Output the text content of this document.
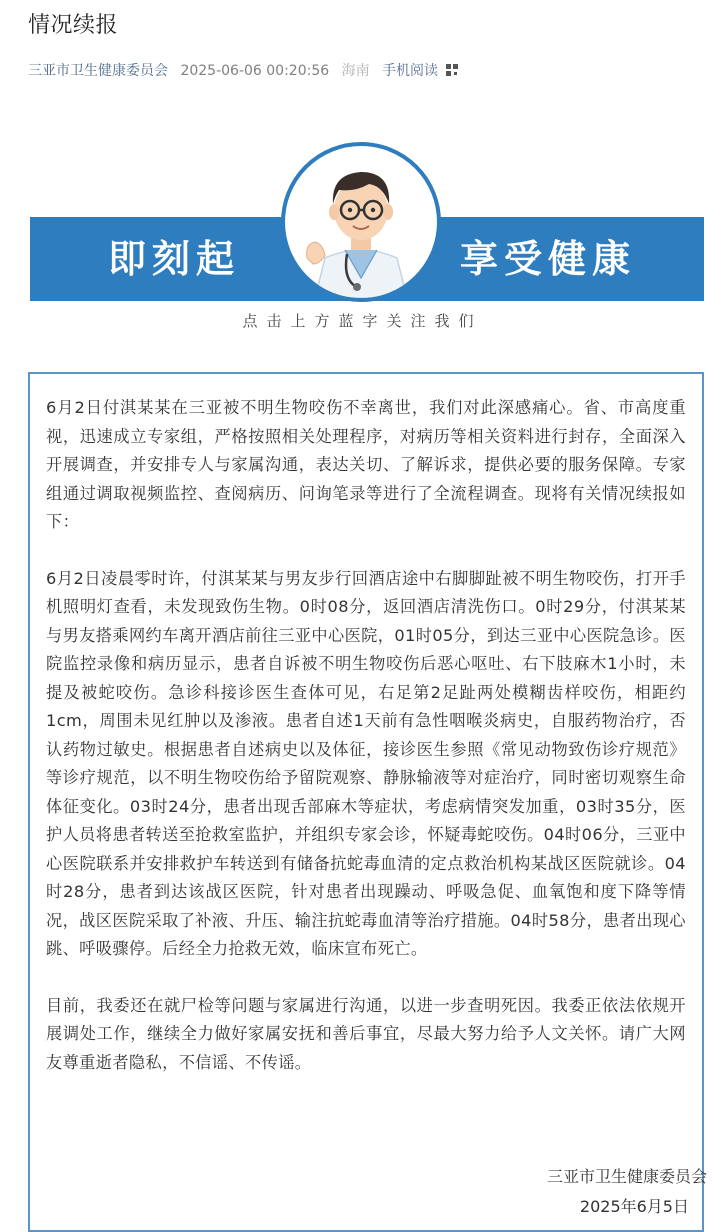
情况续报
三亚市卫生健康委员会 2025-06-06 00:20:56 海南 手机阅读
即刻起	享受健康
点击上方蓝字关注我们

6月2日付淇某某在三亚被不明生物咬伤不幸离世，我们对此深感痛心。省、市高度重视，迅速成立专家组，严格按照相关处理程序，对病历等相关资料进行封存，全面深入开展调查，并安排专人与家属沟通，表达关切、了解诉求，提供必要的服务保障。专家组通过调取视频监控、查阅病历、问询笔录等进行了全流程调查。现将有关情况续报如下：

6月2日凌晨零时许，付淇某某与男友步行回酒店途中右脚脚趾被不明生物咬伤，打开手机照明灯查看，未发现致伤生物。0时08分，返回酒店清洗伤口。0时29分，付淇某某与男友搭乘网约车离开酒店前往三亚中心医院，01时05分，到达三亚中心医院急诊。医院监控录像和病历显示，患者自诉被不明生物咬伤后恶心呕吐、右下肢麻木1小时，未提及被蛇咬伤。急诊科接诊医生查体可见，右足第2足趾两处模糊齿样咬伤，相距约1cm，周围未见红肿以及渗液。患者自述1天前有急性咽喉炎病史，自服药物治疗，否认药物过敏史。根据患者自述病史以及体征，接诊医生参照《常见动物致伤诊疗规范》等诊疗规范，以不明生物咬伤给予留院观察、静脉输液等对症治疗，同时密切观察生命体征变化。03时24分，患者出现舌部麻木等症状，考虑病情突发加重，03时35分，医护人员将患者转送至抢救室监护，并组织专家会诊，怀疑毒蛇咬伤。04时06分，三亚中心医院联系并安排救护车转送到有储备抗蛇毒血清的定点救治机构某战区医院就诊。04时28分，患者到达该战区医院，针对患者出现躁动、呼吸急促、血氧饱和度下降等情况，战区医院采取了补液、升压、输注抗蛇毒血清等治疗措施。04时58分，患者出现心跳、呼吸骤停。后经全力抢救无效，临床宣布死亡。

目前，我委还在就尸检等问题与家属进行沟通，以进一步查明死因。我委正依法依规开展调处工作，继续全力做好家属安抚和善后事宜，尽最大努力给予人文关怀。请广大网友尊重逝者隐私，不信谣、不传谣。

三亚市卫生健康委员会
2025年6月5日
